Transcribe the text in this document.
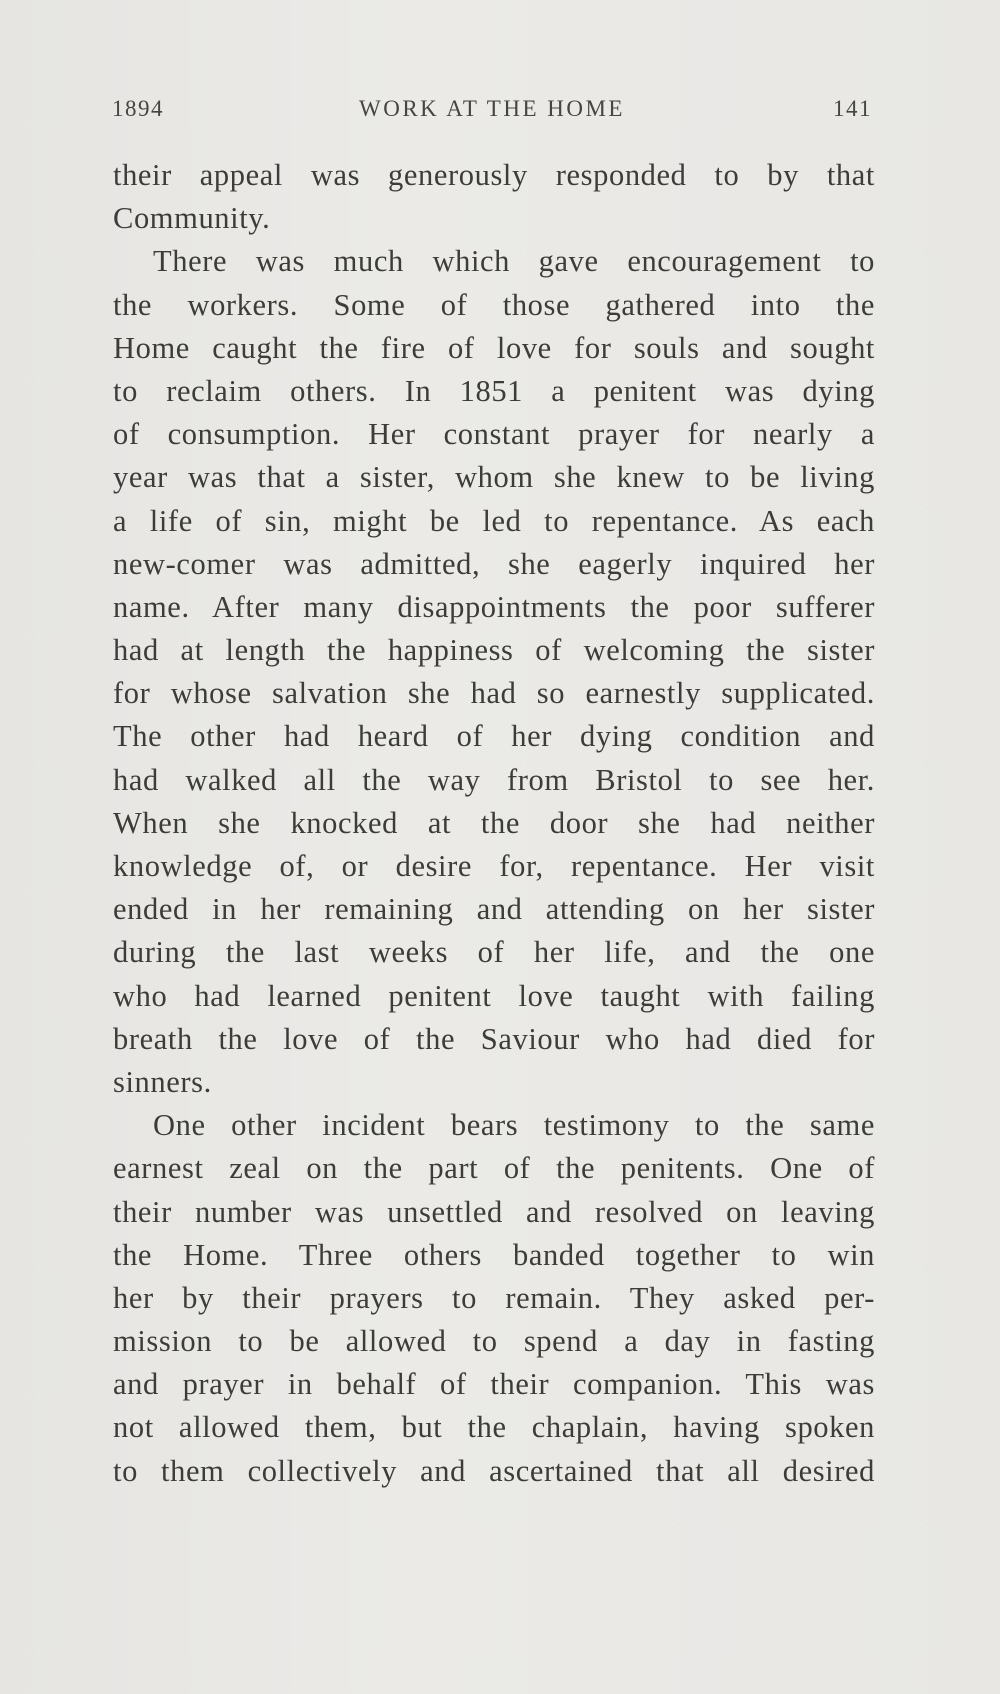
1894	WORK AT THE HOME	141
their appeal was generously responded to by that
Community.
There was much which gave encouragement to
the workers. Some of those gathered into the
Home caught the fire of love for souls and sought
to reclaim others. In 1851 a penitent was dying
of consumption. Her constant prayer for nearly a
year was that a sister, whom she knew to be living
a life of sin, might be led to repentance. As each
new-comer was admitted, she eagerly inquired her
name. After many disappointments the poor sufferer
had at length the happiness of welcoming the sister
for whose salvation she had so earnestly supplicated.
The other had heard of her dying condition and
had walked all the way from Bristol to see her.
When she knocked at the door she had neither
knowledge of, or desire for, repentance. Her visit
ended in her remaining and attending on her sister
during the last weeks of her life, and the one
who had learned penitent love taught with failing
breath the love of the Saviour who had died for
sinners.
One other incident bears testimony to the same
earnest zeal on the part of the penitents. One of
their number was unsettled and resolved on leaving
the Home. Three others banded together to win
her by their prayers to remain. They asked per-
mission to be allowed to spend a day in fasting
and prayer in behalf of their companion. This was
not allowed them, but the chaplain, having spoken
to them collectively and ascertained that all desired
